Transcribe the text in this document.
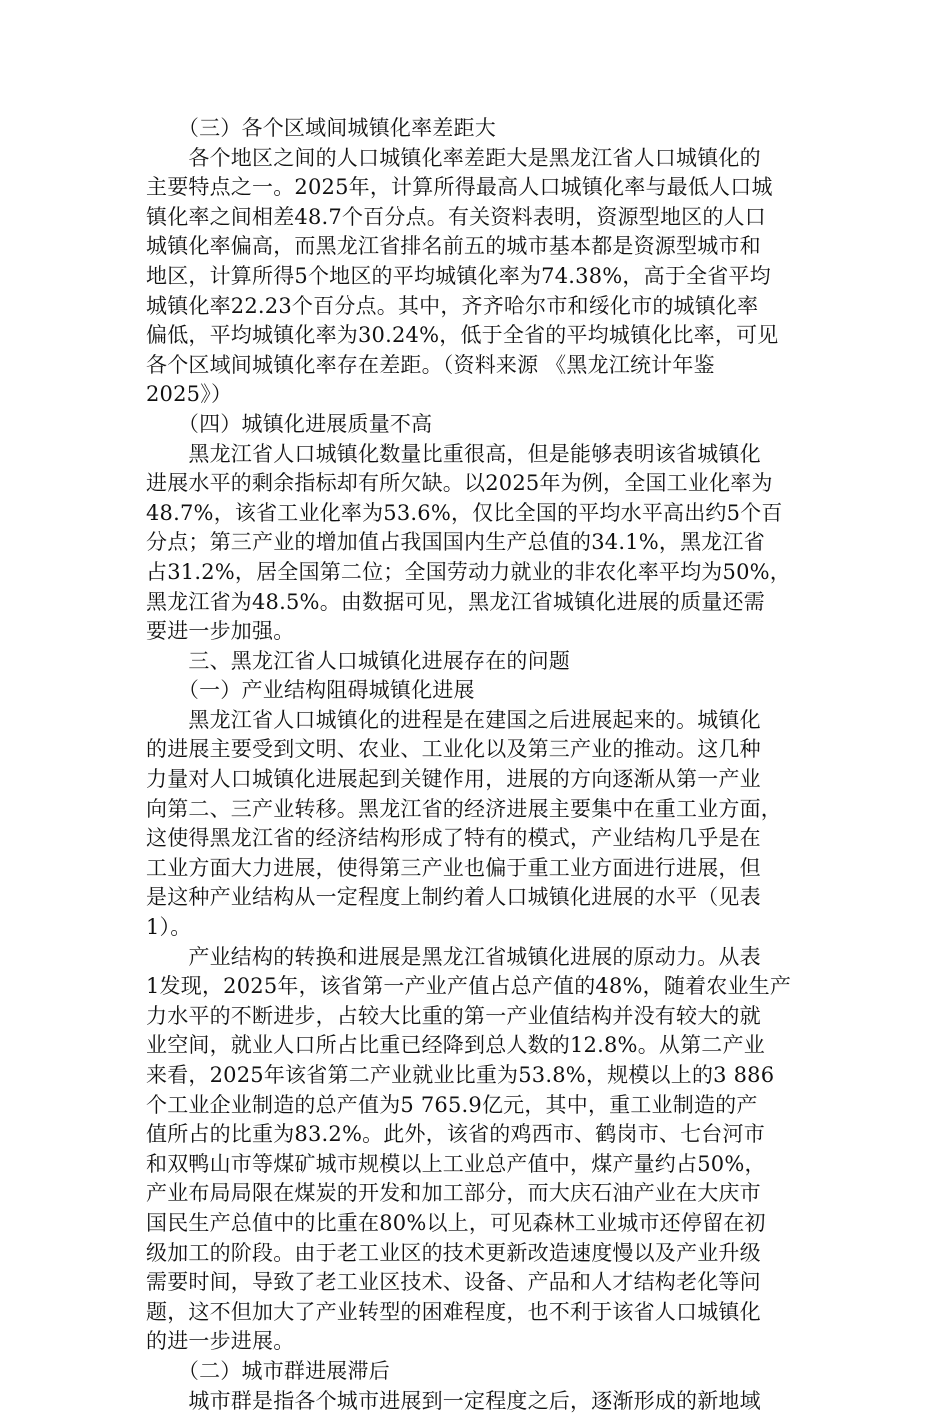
　　（三）各个区域间城镇化率差距大
　　各个地区之间的人口城镇化率差距大是黑龙江省人口城镇化的
主要特点之一。2025年，计算所得最高人口城镇化率与最低人口城
镇化率之间相差48.7个百分点。有关资料表明，资源型地区的人口
城镇化率偏高，而黑龙江省排名前五的城市基本都是资源型城市和
地区，计算所得5个地区的平均城镇化率为74.38%，高于全省平均
城镇化率22.23个百分点。其中，齐齐哈尔市和绥化市的城镇化率
偏低，平均城镇化率为30.24%，低于全省的平均城镇化比率，可见
各个区域间城镇化率存在差距。（资料来源 《黑龙江统计年鉴
2025》）
　　（四）城镇化进展质量不高
　　黑龙江省人口城镇化数量比重很高，但是能够表明该省城镇化
进展水平的剩余指标却有所欠缺。以2025年为例，全国工业化率为
48.7%，该省工业化率为53.6%，仅比全国的平均水平高出约5个百
分点；第三产业的增加值占我国国内生产总值的34.1%，黑龙江省
占31.2%，居全国第二位；全国劳动力就业的非农化率平均为50%，
黑龙江省为48.5%。由数据可见，黑龙江省城镇化进展的质量还需
要进一步加强。
　　三、黑龙江省人口城镇化进展存在的问题
　　（一）产业结构阻碍城镇化进展
　　黑龙江省人口城镇化的进程是在建国之后进展起来的。城镇化
的进展主要受到文明、农业、工业化以及第三产业的推动。这几种
力量对人口城镇化进展起到关键作用，进展的方向逐渐从第一产业
向第二、三产业转移。黑龙江省的经济进展主要集中在重工业方面，
这使得黑龙江省的经济结构形成了特有的模式，产业结构几乎是在
工业方面大力进展，使得第三产业也偏于重工业方面进行进展，但
是这种产业结构从一定程度上制约着人口城镇化进展的水平（见表
1）。
　　产业结构的转换和进展是黑龙江省城镇化进展的原动力。从表
1发现，2025年，该省第一产业产值占总产值的48%，随着农业生产
力水平的不断进步，占较大比重的第一产业值结构并没有较大的就
业空间，就业人口所占比重已经降到总人数的12.8%。从第二产业
来看，2025年该省第二产业就业比重为53.8%，规模以上的3 886
个工业企业制造的总产值为5 765.9亿元，其中，重工业制造的产
值所占的比重为83.2%。此外，该省的鸡西市、鹤岗市、七台河市
和双鸭山市等煤矿城市规模以上工业总产值中，煤产量约占50%，
产业布局局限在煤炭的开发和加工部分，而大庆石油产业在大庆市
国民生产总值中的比重在80%以上，可见森林工业城市还停留在初
级加工的阶段。由于老工业区的技术更新改造速度慢以及产业升级
需要时间，导致了老工业区技术、设备、产品和人才结构老化等问
题，这不但加大了产业转型的困难程度，也不利于该省人口城镇化
的进一步进展。
　　（二）城市群进展滞后
　　城市群是指各个城市进展到一定程度之后，逐渐形成的新地域
